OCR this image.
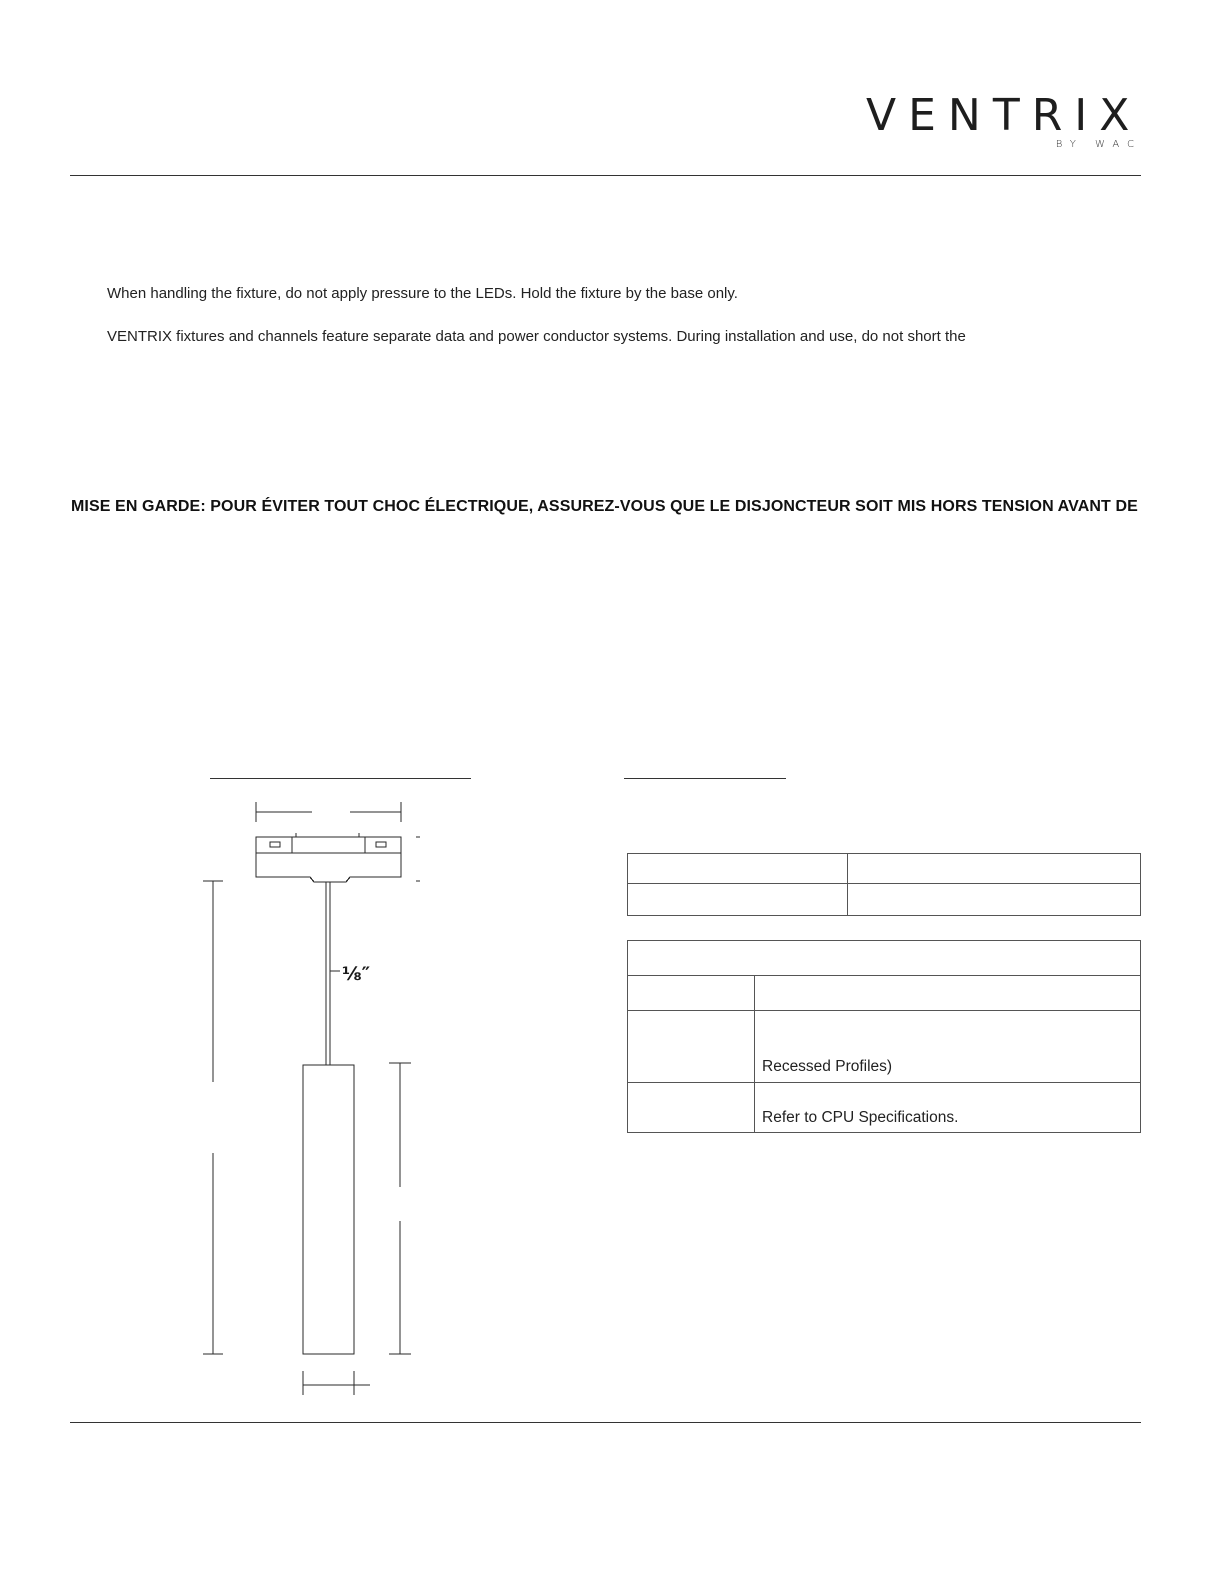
VENTRIX
BY WAC
When handling the fixture, do not apply pressure to the LEDs. Hold the fixture by the base only.
VENTRIX fixtures and channels feature separate data and power conductor systems. During installation and use, do not short the
MISE EN GARDE: POUR ÉVITER TOUT CHOC ÉLECTRIQUE, ASSUREZ-VOUS QUE LE DISJONCTEUR SOIT MIS HORS TENSION AVANT DE
⅛″
Recessed Profiles)
Refer to CPU Specifications.
